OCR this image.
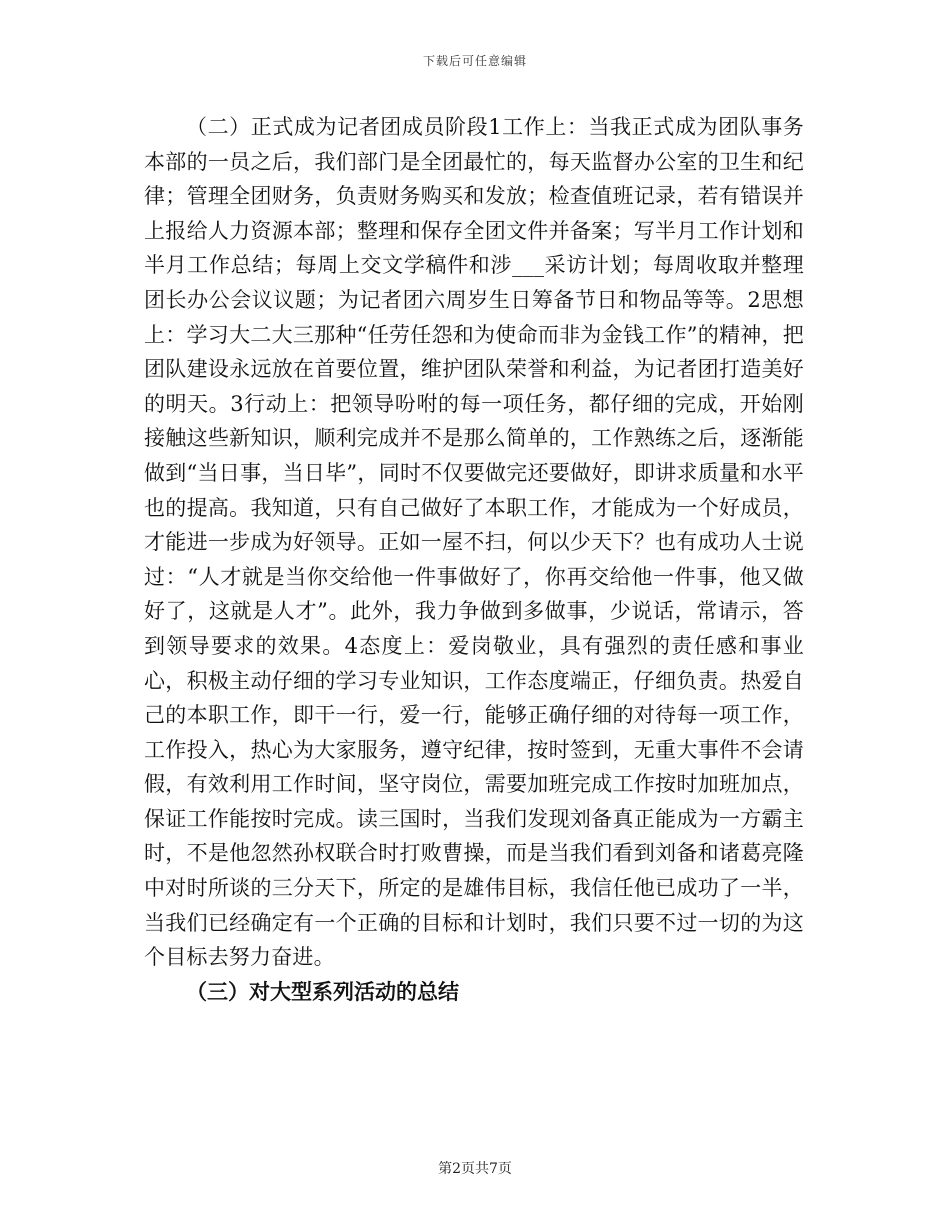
下载后可任意编辑

（二）正式成为记者团成员阶段1工作上：当我正式成为团队事务本部的一员之后，我们部门是全团最忙的，每天监督办公室的卫生和纪律；管理全团财务，负责财务购买和发放；检查值班记录，若有错误并上报给人力资源本部；整理和保存全团文件并备案；写半月工作计划和半月工作总结；每周上交文学稿件和涉___采访计划；每周收取并整理团长办公会议议题；为记者团六周岁生日筹备节日和物品等等。2思想上：学习大二大三那种“任劳任怨和为使命而非为金钱工作”的精神，把团队建设永远放在首要位置，维护团队荣誉和利益，为记者团打造美好的明天。3行动上：把领导吩咐的每一项任务，都仔细的完成，开始刚接触这些新知识，顺利完成并不是那么简单的，工作熟练之后，逐渐能做到“当日事，当日毕”，同时不仅要做完还要做好，即讲求质量和水平也的提高。我知道，只有自己做好了本职工作，才能成为一个好成员，才能进一步成为好领导。正如一屋不扫，何以少天下？也有成功人士说过：“人才就是当你交给他一件事做好了，你再交给他一件事，他又做好了，这就是人才”。此外，我力争做到多做事，少说话，常请示，答到领导要求的效果。4态度上：爱岗敬业，具有强烈的责任感和事业心，积极主动仔细的学习专业知识，工作态度端正，仔细负责。热爱自己的本职工作，即干一行，爱一行，能够正确仔细的对待每一项工作，工作投入，热心为大家服务，遵守纪律，按时签到，无重大事件不会请假，有效利用工作时间，坚守岗位，需要加班完成工作按时加班加点，保证工作能按时完成。读三国时，当我们发现刘备真正能成为一方霸主时，不是他忽然孙权联合时打败曹操，而是当我们看到刘备和诸葛亮隆中对时所谈的三分天下，所定的是雄伟目标，我信任他已成功了一半，当我们已经确定有一个正确的目标和计划时，我们只要不过一切的为这个目标去努力奋进。

（三）对大型系列活动的总结

第2页共7页
